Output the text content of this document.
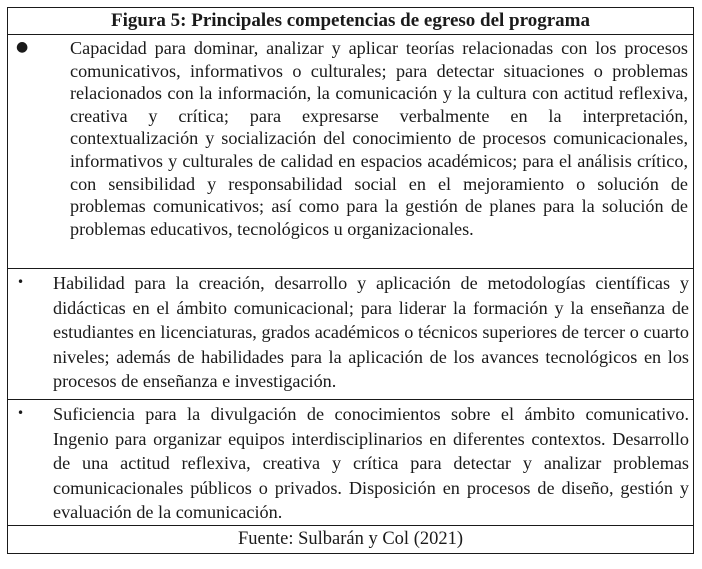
Figura 5: Principales competencias de egreso del programa
● Capacidad para dominar, analizar y aplicar teorías relacionadas con los procesos comunicativos, informativos o culturales; para detectar situaciones o problemas relacionados con la información, la comunicación y la cultura con actitud reflexiva, creativa y crítica; para expresarse verbalmente en la interpretación, contextualización y socialización del conocimiento de procesos comunicacionales, informativos y culturales de calidad en espacios académicos; para el análisis crítico, con sensibilidad y responsabilidad social en el mejoramiento o solución de problemas comunicativos; así como para la gestión de planes para la solución de problemas educativos, tecnológicos u organizacionales.
• Habilidad para la creación, desarrollo y aplicación de metodologías científicas y didácticas en el ámbito comunicacional; para liderar la formación y la enseñanza de estudiantes en licenciaturas, grados académicos o técnicos superiores de tercer o cuarto niveles; además de habilidades para la aplicación de los avances tecnológicos en los procesos de enseñanza e investigación.
• Suficiencia para la divulgación de conocimientos sobre el ámbito comunicativo. Ingenio para organizar equipos interdisciplinarios en diferentes contextos. Desarrollo de una actitud reflexiva, creativa y crítica para detectar y analizar problemas comunicacionales públicos o privados. Disposición en procesos de diseño, gestión y evaluación de la comunicación.
Fuente: Sulbarán y Col (2021)
